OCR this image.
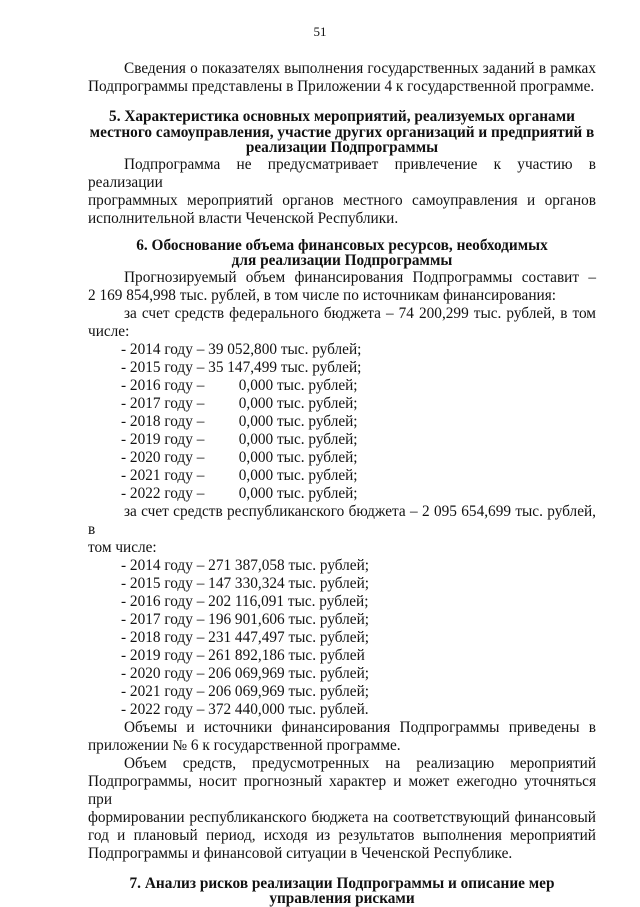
51

Сведения о показателях выполнения государственных заданий в рамках

Подпрограммы представлены в Приложении 4 к государственной программе.

5. Характеристика основных мероприятий, реализуемых органами
местного самоуправления, участие других организаций и предприятий в
реализации Подпрограммы

Подпрограмма не предусматривает привлечение к участию в реализации

программных мероприятий органов местного самоуправления и органов

исполнительной власти Чеченской Республики.

6. Обоснование объема финансовых ресурсов, необходимых
для реализации Подпрограммы

Прогнозируемый объем финансирования Подпрограммы составит –

2 169 854,998 тыс. рублей, в том числе по источникам финансирования:

за счет средств федерального бюджета – 74 200,299 тыс. рублей, в том

числе:

- 2014 году – 39 052,800 тыс. рублей;
- 2015 году – 35 147,499 тыс. рублей;
- 2016 году –         0,000 тыс. рублей;
- 2017 году –         0,000 тыс. рублей;
- 2018 году –         0,000 тыс. рублей;
- 2019 году –         0,000 тыс. рублей;
- 2020 году –         0,000 тыс. рублей;
- 2021 году –         0,000 тыс. рублей;
- 2022 году –         0,000 тыс. рублей;

за счет средств республиканского бюджета – 2 095 654,699 тыс. рублей, в

том числе:

- 2014 году – 271 387,058 тыс. рублей;
- 2015 году – 147 330,324 тыс. рублей;
- 2016 году – 202 116,091 тыс. рублей;
- 2017 году – 196 901,606 тыс. рублей;
- 2018 году – 231 447,497 тыс. рублей;
- 2019 году – 261 892,186 тыс. рублей
- 2020 году – 206 069,969 тыс. рублей;
- 2021 году – 206 069,969 тыс. рублей;
- 2022 году – 372 440,000 тыс. рублей.

Объемы и источники финансирования Подпрограммы приведены в

приложении № 6 к государственной программе.

Объем средств, предусмотренных на реализацию мероприятий

Подпрограммы, носит прогнозный характер и может ежегодно уточняться при

формировании республиканского бюджета на соответствующий финансовый

год и плановый период, исходя из результатов выполнения мероприятий

Подпрограммы и финансовой ситуации в Чеченской Республике.

7. Анализ рисков реализации Подпрограммы и описание мер
управления рисками
